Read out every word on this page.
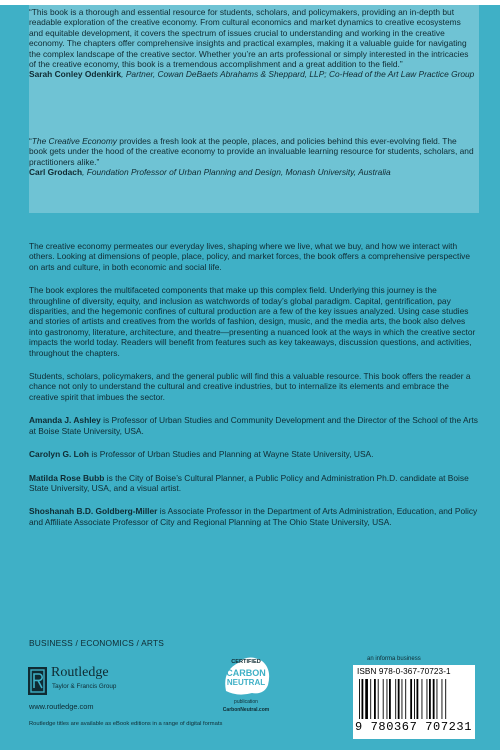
“This book is a thorough and essential resource for students, scholars, and policymakers, providing an in-depth but readable exploration of the creative economy. From cultural economics and market dynamics to creative ecosystems and equitable development, it covers the spectrum of issues crucial to understanding and working in the creative economy. The chapters offer comprehensive insights and practical examples, making it a valuable guide for navigating the complex landscape of the creative sector. Whether you’re an arts professional or simply interested in the intricacies of the creative economy, this book is a tremendous accomplishment and a great addition to the field.”
Sarah Conley Odenkirk, Partner, Cowan DeBaets Abrahams & Sheppard, LLP; Co-Head of the Art Law Practice Group

“The Creative Economy provides a fresh look at the people, places, and policies behind this ever-evolving field. The book gets under the hood of the creative economy to provide an invaluable learning resource for students, scholars, and practitioners alike.”
Carl Grodach, Foundation Professor of Urban Planning and Design, Monash University, Australia

The creative economy permeates our everyday lives, shaping where we live, what we buy, and how we interact with others. Looking at dimensions of people, place, policy, and market forces, the book offers a comprehensive perspective on arts and culture, in both economic and social life.

The book explores the multifaceted components that make up this complex field. Underlying this journey is the throughline of diversity, equity, and inclusion as watchwords of today’s global paradigm. Capital, gentrification, pay disparities, and the hegemonic confines of cultural production are a few of the key issues analyzed. Using case studies and stories of artists and creatives from the worlds of fashion, design, music, and the media arts, the book also delves into gastronomy, literature, architecture, and theatre—presenting a nuanced look at the ways in which the creative sector impacts the world today. Readers will benefit from features such as key takeaways, discussion questions, and activities, throughout the chapters.

Students, scholars, policymakers, and the general public will find this a valuable resource. This book offers the reader a chance not only to understand the cultural and creative industries, but to internalize its elements and embrace the creative spirit that imbues the sector.

Amanda J. Ashley is Professor of Urban Studies and Community Development and the Director of the School of the Arts at Boise State University, USA.

Carolyn G. Loh is Professor of Urban Studies and Planning at Wayne State University, USA.

Matilda Rose Bubb is the City of Boise’s Cultural Planner, a Public Policy and Administration Ph.D. candidate at Boise State University, USA, and a visual artist.

Shoshanah B.D. Goldberg-Miller is Associate Professor in the Department of Arts Administration, Education, and Policy and Affiliate Associate Professor of City and Regional Planning at The Ohio State University, USA.

BUSINESS / ECONOMICS / ARTS
Routledge
Taylor & Francis Group
www.routledge.com
Routledge titles are available as eBook editions in a range of digital formats
CERTIFIED
CARBON
NEUTRAL
publication
CarbonNeutral.com
an informa business
ISBN 978-0-367-70723-1
9 780367 707231
